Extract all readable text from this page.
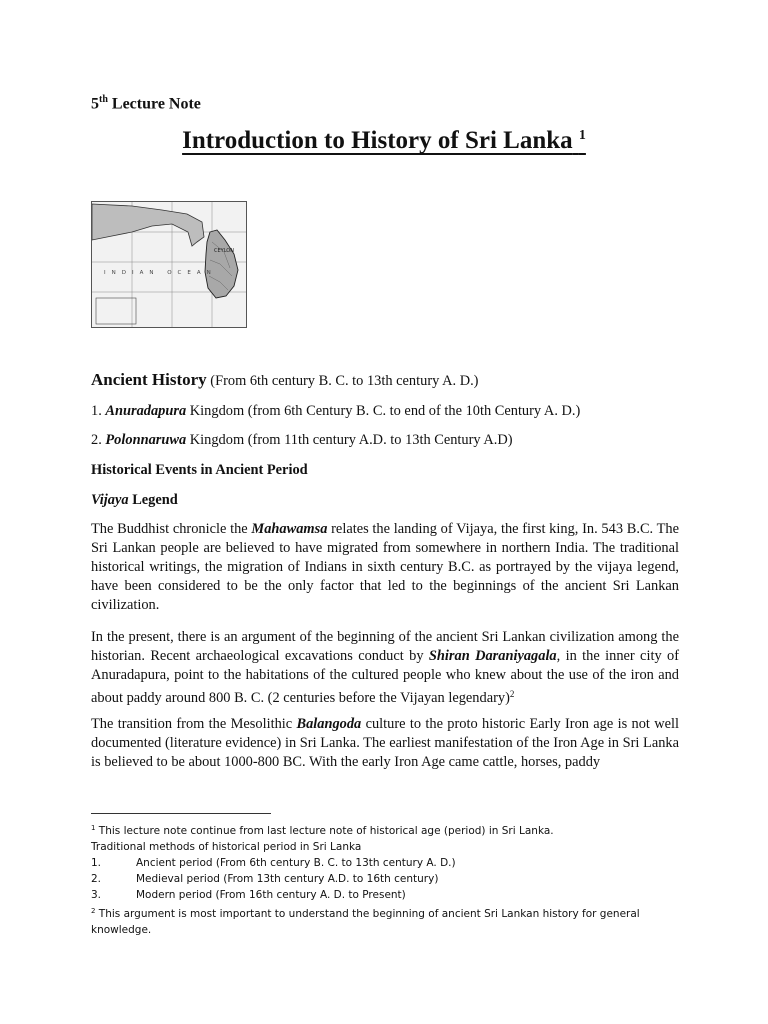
5th Lecture Note
Introduction to History of Sri Lanka $^1$
CEYLON
INDIAN OCEAN
Ancient History (From 6th century B. C. to 13th century A. D.)
1. Anuradapura Kingdom (from 6th Century B. C. to end of the 10th Century A. D.)
2. Polonnaruwa Kingdom (from 11th century A.D. to 13th Century A.D)
Historical Events in Ancient Period
Vijaya Legend
The Buddhist chronicle the Mahawamsa relates the landing of Vijaya, the first king, In. 543 B.C. The Sri Lankan people are believed to have migrated from somewhere in northern India. The traditional historical writings, the migration of Indians in sixth century B.C. as portrayed by the vijaya legend, have been considered to be the only factor that led to the beginnings of the ancient Sri Lankan civilization.
In the present, there is an argument of the beginning of the ancient Sri Lankan civilization among the historian. Recent archaeological excavations conduct by Shiran Daraniyagala, in the inner city of Anuradapura, point to the habitations of the cultured people who knew about the use of the iron and about paddy around 800 B. C. (2 centuries before the Vijayan legendary)$^2$
The transition from the Mesolithic Balangoda culture to the proto historic Early Iron age is not well documented (literature evidence) in Sri Lanka. The earliest manifestation of the Iron Age in Sri Lanka is believed to be about 1000-800 BC. With the early Iron Age came cattle, horses, paddy
$^1$ This lecture note continue from last lecture note of historical age (period) in Sri Lanka.
Traditional methods of historical period in Sri Lanka
1.	Ancient period (From 6th century B. C. to 13th century A. D.)
2.	Medieval period (From 13th century A.D. to 16th century)
3.	Modern period (From 16th century A. D. to Present)
$^2$ This argument is most important to understand the beginning of ancient Sri Lankan history for general knowledge.
